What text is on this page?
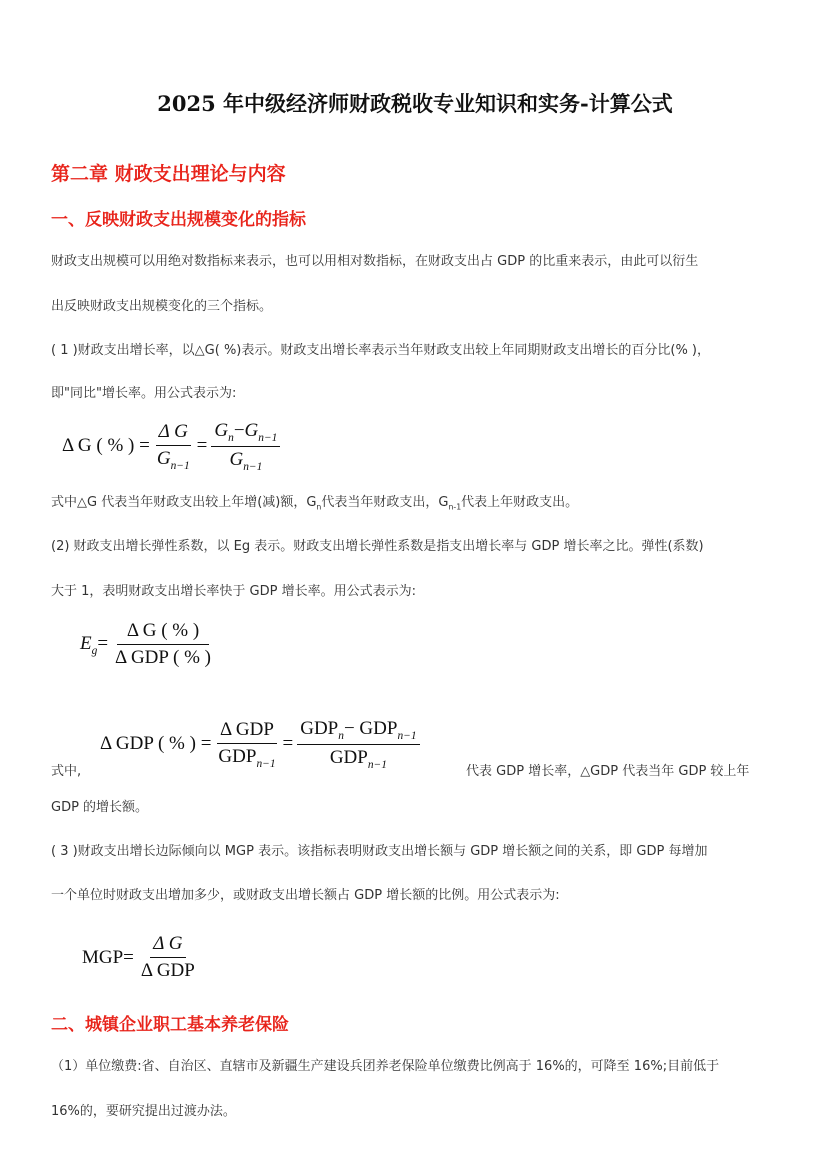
2025 年中级经济师财政税收专业知识和实务-计算公式
第二章 财政支出理论与内容
一、反映财政支出规模变化的指标
财政支出规模可以用绝对数指标来表示，也可以用相对数指标，在财政支出占 GDP 的比重来表示，由此可以衍生
出反映财政支出规模变化的三个指标。
( 1 )财政支出增长率，以△G( %)表示。财政支出增长率表示当年财政支出较上年同期财政支出增长的百分比(% )，
即"同比"增长率。用公式表示为:
Δ G ( % ) = $\frac{\text{Δ G}}{G_{n-1}} = \frac{G_n-G_{n-1}}{G_{n-1}}$
式中△G 代表当年财政支出较上年增(减)额，$G_n$代表当年财政支出，$G_{n-1}$代表上年财政支出。
(2) 财政支出增长弹性系数，以 Eg 表示。财政支出增长弹性系数是指支出增长率与 GDP 增长率之比。弹性(系数)
大于 1，表明财政支出增长率快于 GDP 增长率。用公式表示为:
$E_g= \frac{\text{Δ G ( \% )}}{\text{Δ GDP ( \% )}}$
式中,
Δ GDP ( % ) = $\frac{\text{Δ GDP}}{GDP_{n-1}} = \frac{GDP_n- GDP_{n-1}}{GDP_{n-1}}$
代表 GDP 增长率，△GDP 代表当年 GDP 较上年
GDP 的增长额。
( 3 )财政支出增长边际倾向以 MGP 表示。该指标表明财政支出增长额与 GDP 增长额之间的关系，即 GDP 每增加
一个单位时财政支出增加多少，或财政支出增长额占 GDP 增长额的比例。用公式表示为:
$MGP= \frac{\text{Δ G}}{\text{Δ GDP}}$
二、城镇企业职工基本养老保险
（1）单位缴费:省、自治区、直辖市及新疆生产建设兵团养老保险单位缴费比例高于 16%的，可降至 16%;目前低于
16%的，要研究提出过渡办法。
